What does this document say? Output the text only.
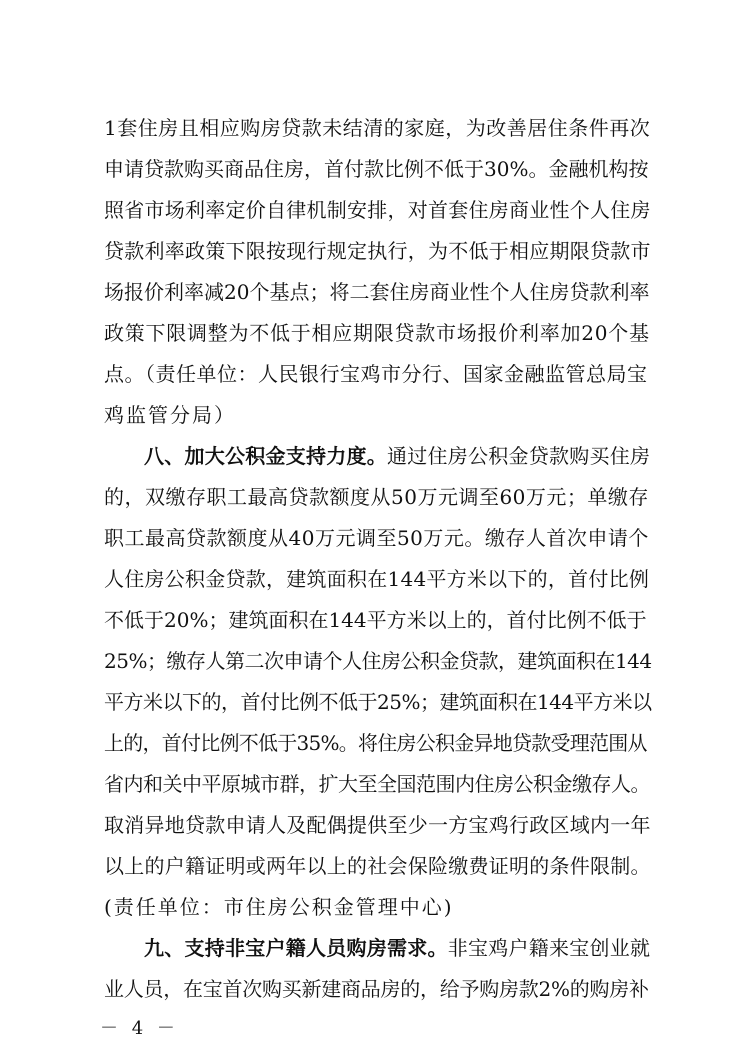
1套住房且相应购房贷款未结清的家庭，为改善居住条件再次
申请贷款购买商品住房，首付款比例不低于30%。金融机构按
照省市场利率定价自律机制安排，对首套住房商业性个人住房
贷款利率政策下限按现行规定执行，为不低于相应期限贷款市
场报价利率减20个基点；将二套住房商业性个人住房贷款利率
政策下限调整为不低于相应期限贷款市场报价利率加20个基
点。（责任单位：人民银行宝鸡市分行、国家金融监管总局宝
鸡监管分局）
八、加大公积金支持力度。通过住房公积金贷款购买住房
的，双缴存职工最高贷款额度从50万元调至60万元；单缴存
职工最高贷款额度从40万元调至50万元。缴存人首次申请个
人住房公积金贷款，建筑面积在144平方米以下的，首付比例
不低于20%；建筑面积在144平方米以上的，首付比例不低于
25%；缴存人第二次申请个人住房公积金贷款，建筑面积在144
平方米以下的，首付比例不低于25%；建筑面积在144平方米以
上的，首付比例不低于35%。将住房公积金异地贷款受理范围从
省内和关中平原城市群，扩大至全国范围内住房公积金缴存人。
取消异地贷款申请人及配偶提供至少一方宝鸡行政区域内一年
以上的户籍证明或两年以上的社会保险缴费证明的条件限制。
(责任单位：市住房公积金管理中心)
九、支持非宝户籍人员购房需求。非宝鸡户籍来宝创业就
业人员，在宝首次购买新建商品房的，给予购房款2%的购房补
－ 4 －
